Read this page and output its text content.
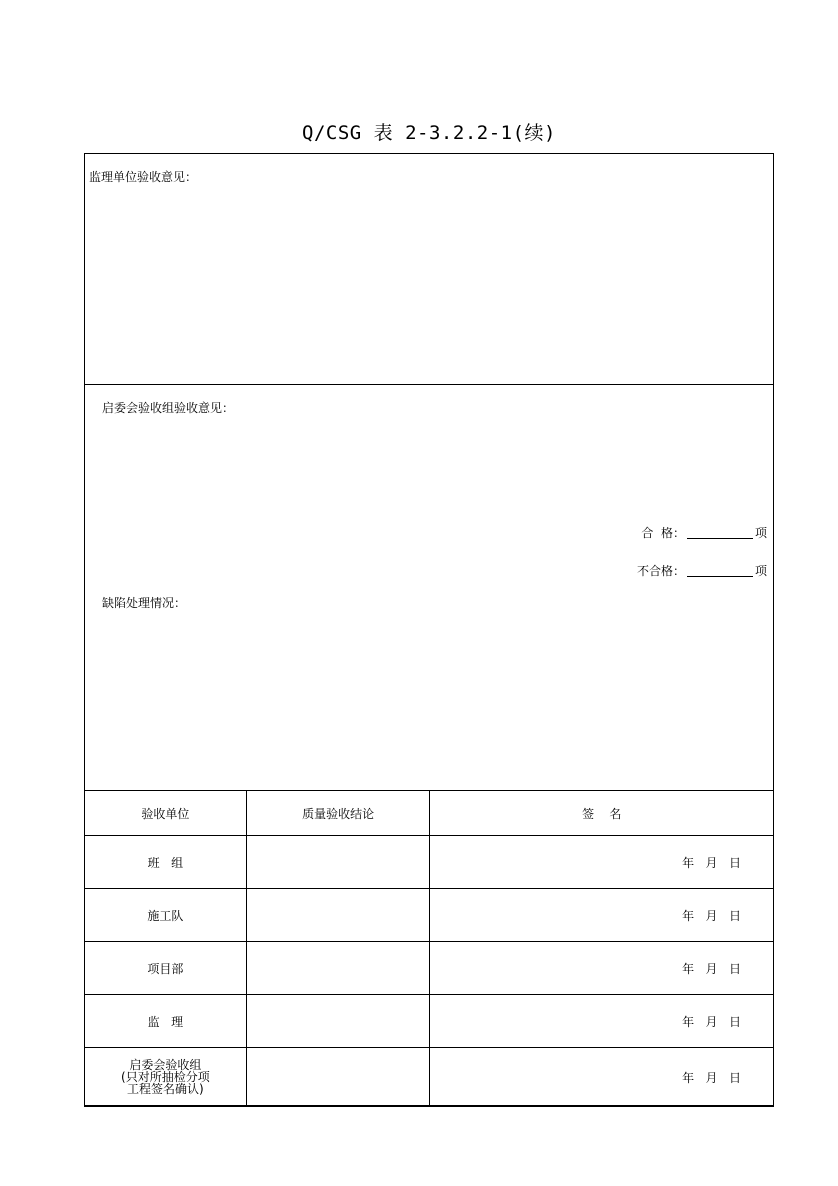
Q/CSG 表 2-3.2.2-1(续)
监理单位验收意见：
启委会验收组验收意见：
合  格：	项
不合格：	项
缺陷处理情况：
验收单位	质量验收结论	签    名
班   组		年   月   日
施工队		年   月   日
项目部		年   月   日
监   理		年   月   日

启委会验收组
(只对所抽检分项
工程签名确认)		年   月   日
